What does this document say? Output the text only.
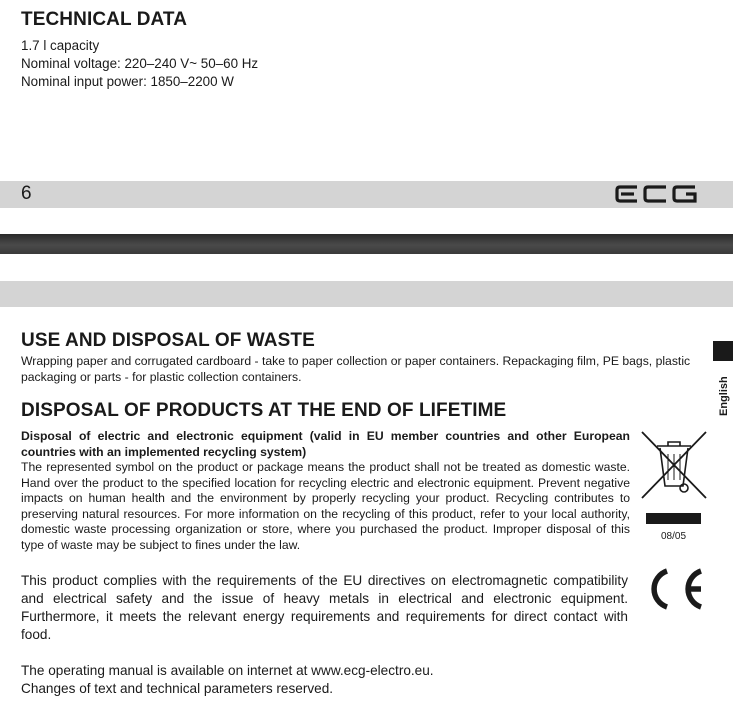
TECHNICAL DATA
1.7 l capacity
Nominal voltage: 220–240 V~ 50–60 Hz
Nominal input power: 1850–2200 W
6
English
USE AND DISPOSAL OF WASTE
Wrapping paper and corrugated cardboard - take to paper collection or paper containers. Repackaging film, PE bags, plastic
packaging or parts - for plastic collection containers.
DISPOSAL OF PRODUCTS AT THE END OF LIFETIME
Disposal of electric and electronic equipment (valid in EU member countries and other European countries with an implemented recycling system)
The represented symbol on the product or package means the product shall not be treated as domestic waste. Hand over the product to the specified location for recycling electric and electronic equipment. Prevent negative impacts on human health and the environment by properly recycling your product. Recycling contributes to preserving natural resources. For more information on the recycling of this product, refer to your local authority, domestic waste processing organization or store, where you purchased the product. Improper disposal of this type of waste may be subject to fines under the law.
08/05
This product complies with the requirements of the EU directives on electromagnetic compatibility and electrical safety and the issue of heavy metals in electrical and electronic equipment. Furthermore, it meets the relevant energy requirements and requirements for direct contact with food.
The operating manual is available on internet at www.ecg-electro.eu.
Changes of text and technical parameters reserved.
